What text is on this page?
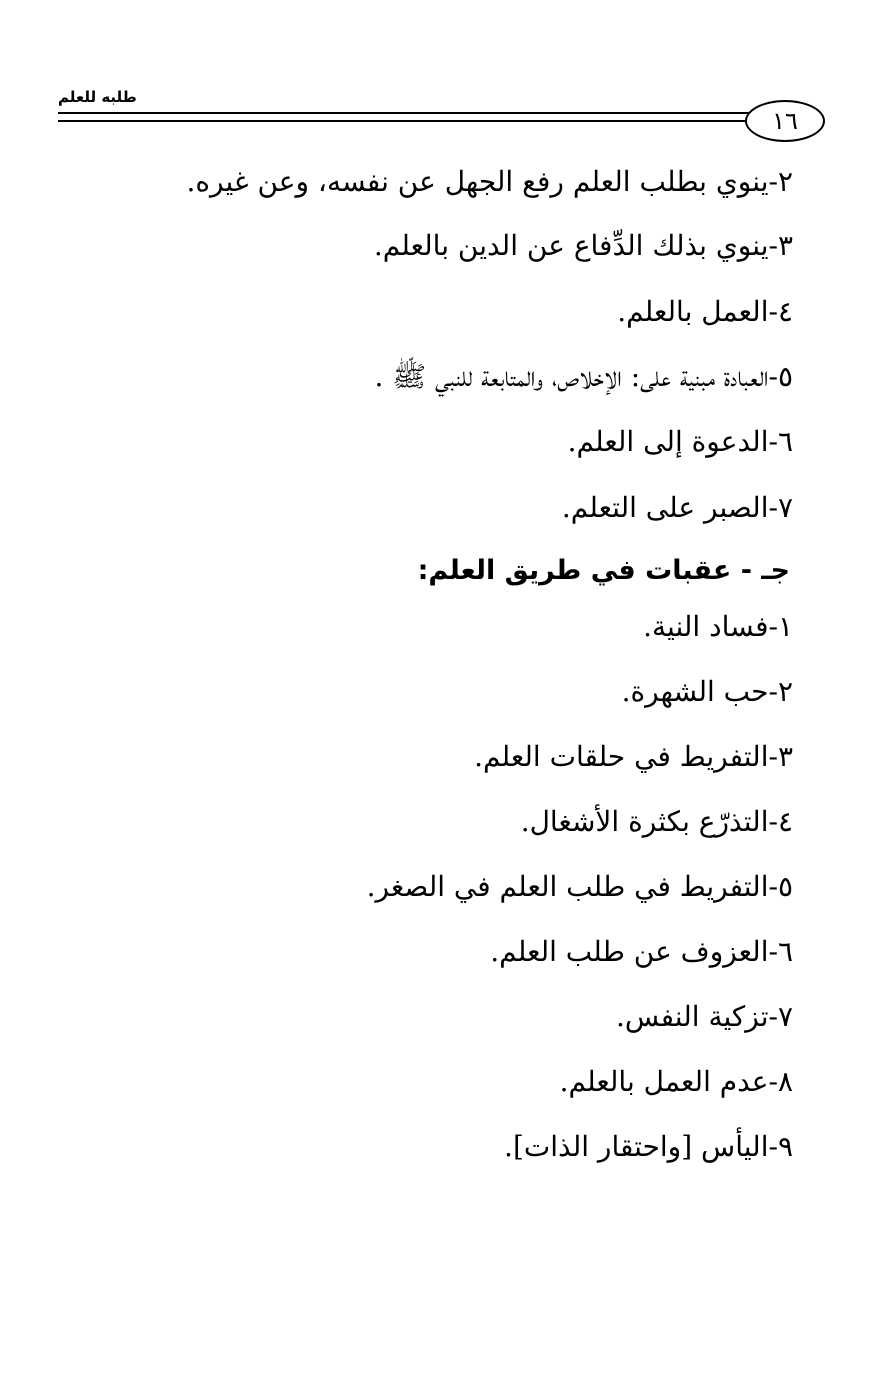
طلبه للعلم
١٦
٢-ينوي بطلب العلم رفع الجهل عن نفسه، وعن غيره.
٣-ينوي بذلك الدِّفاع عن الدين بالعلم.
٤-العمل بالعلم.
٥-العبادة مبنية على: الإخلاص، والمتابعة للنبي ﷺ .
٦-الدعوة إلى العلم.
٧-الصبر على التعلم.
جـ - عقبات في طريق العلم:
١-فساد النية.
٢-حب الشهرة.
٣-التفريط في حلقات العلم.
٤-التذرّع بكثرة الأشغال.
٥-التفريط في طلب العلم في الصغر.
٦-العزوف عن طلب العلم.
٧-تزكية النفس.
٨-عدم العمل بالعلم.
٩-اليأس [واحتقار الذات].
